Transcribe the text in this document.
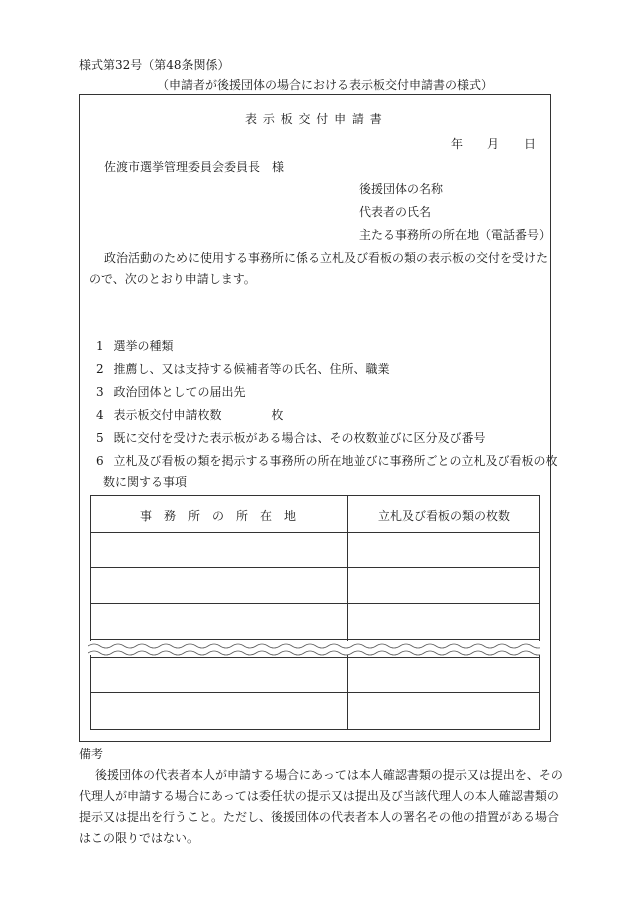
様式第32号（第48条関係）
（申請者が後援団体の場合における表示板交付申請書の様式）
表 示 板 交 付 申 請 書
年 月 日
佐渡市選挙管理委員会委員長　様
後援団体の名称
代表者の氏名
主たる事務所の所在地（電話番号）
政治活動のために使用する事務所に係る立札及び看板の類の表示板の交付を受けた
ので、次のとおり申請します。
1 選挙の種類
2 推薦し、又は支持する候補者等の氏名、住所、職業
3 政治団体としての届出先
4 表示板交付申請枚数	枚
5 既に交付を受けた表示板がある場合は、その枚数並びに区分及び番号
6 立札及び看板の類を掲示する事務所の所在地並びに事務所ごとの立札及び看板の枚
数に関する事項
事　務　所　の　所　在　地	立札及び看板の類の枚数
備考
後援団体の代表者本人が申請する場合にあっては本人確認書類の提示又は提出を、その
代理人が申請する場合にあっては委任状の提示又は提出及び当該代理人の本人確認書類の
提示又は提出を行うこと。ただし、後援団体の代表者本人の署名その他の措置がある場合
はこの限りではない。
